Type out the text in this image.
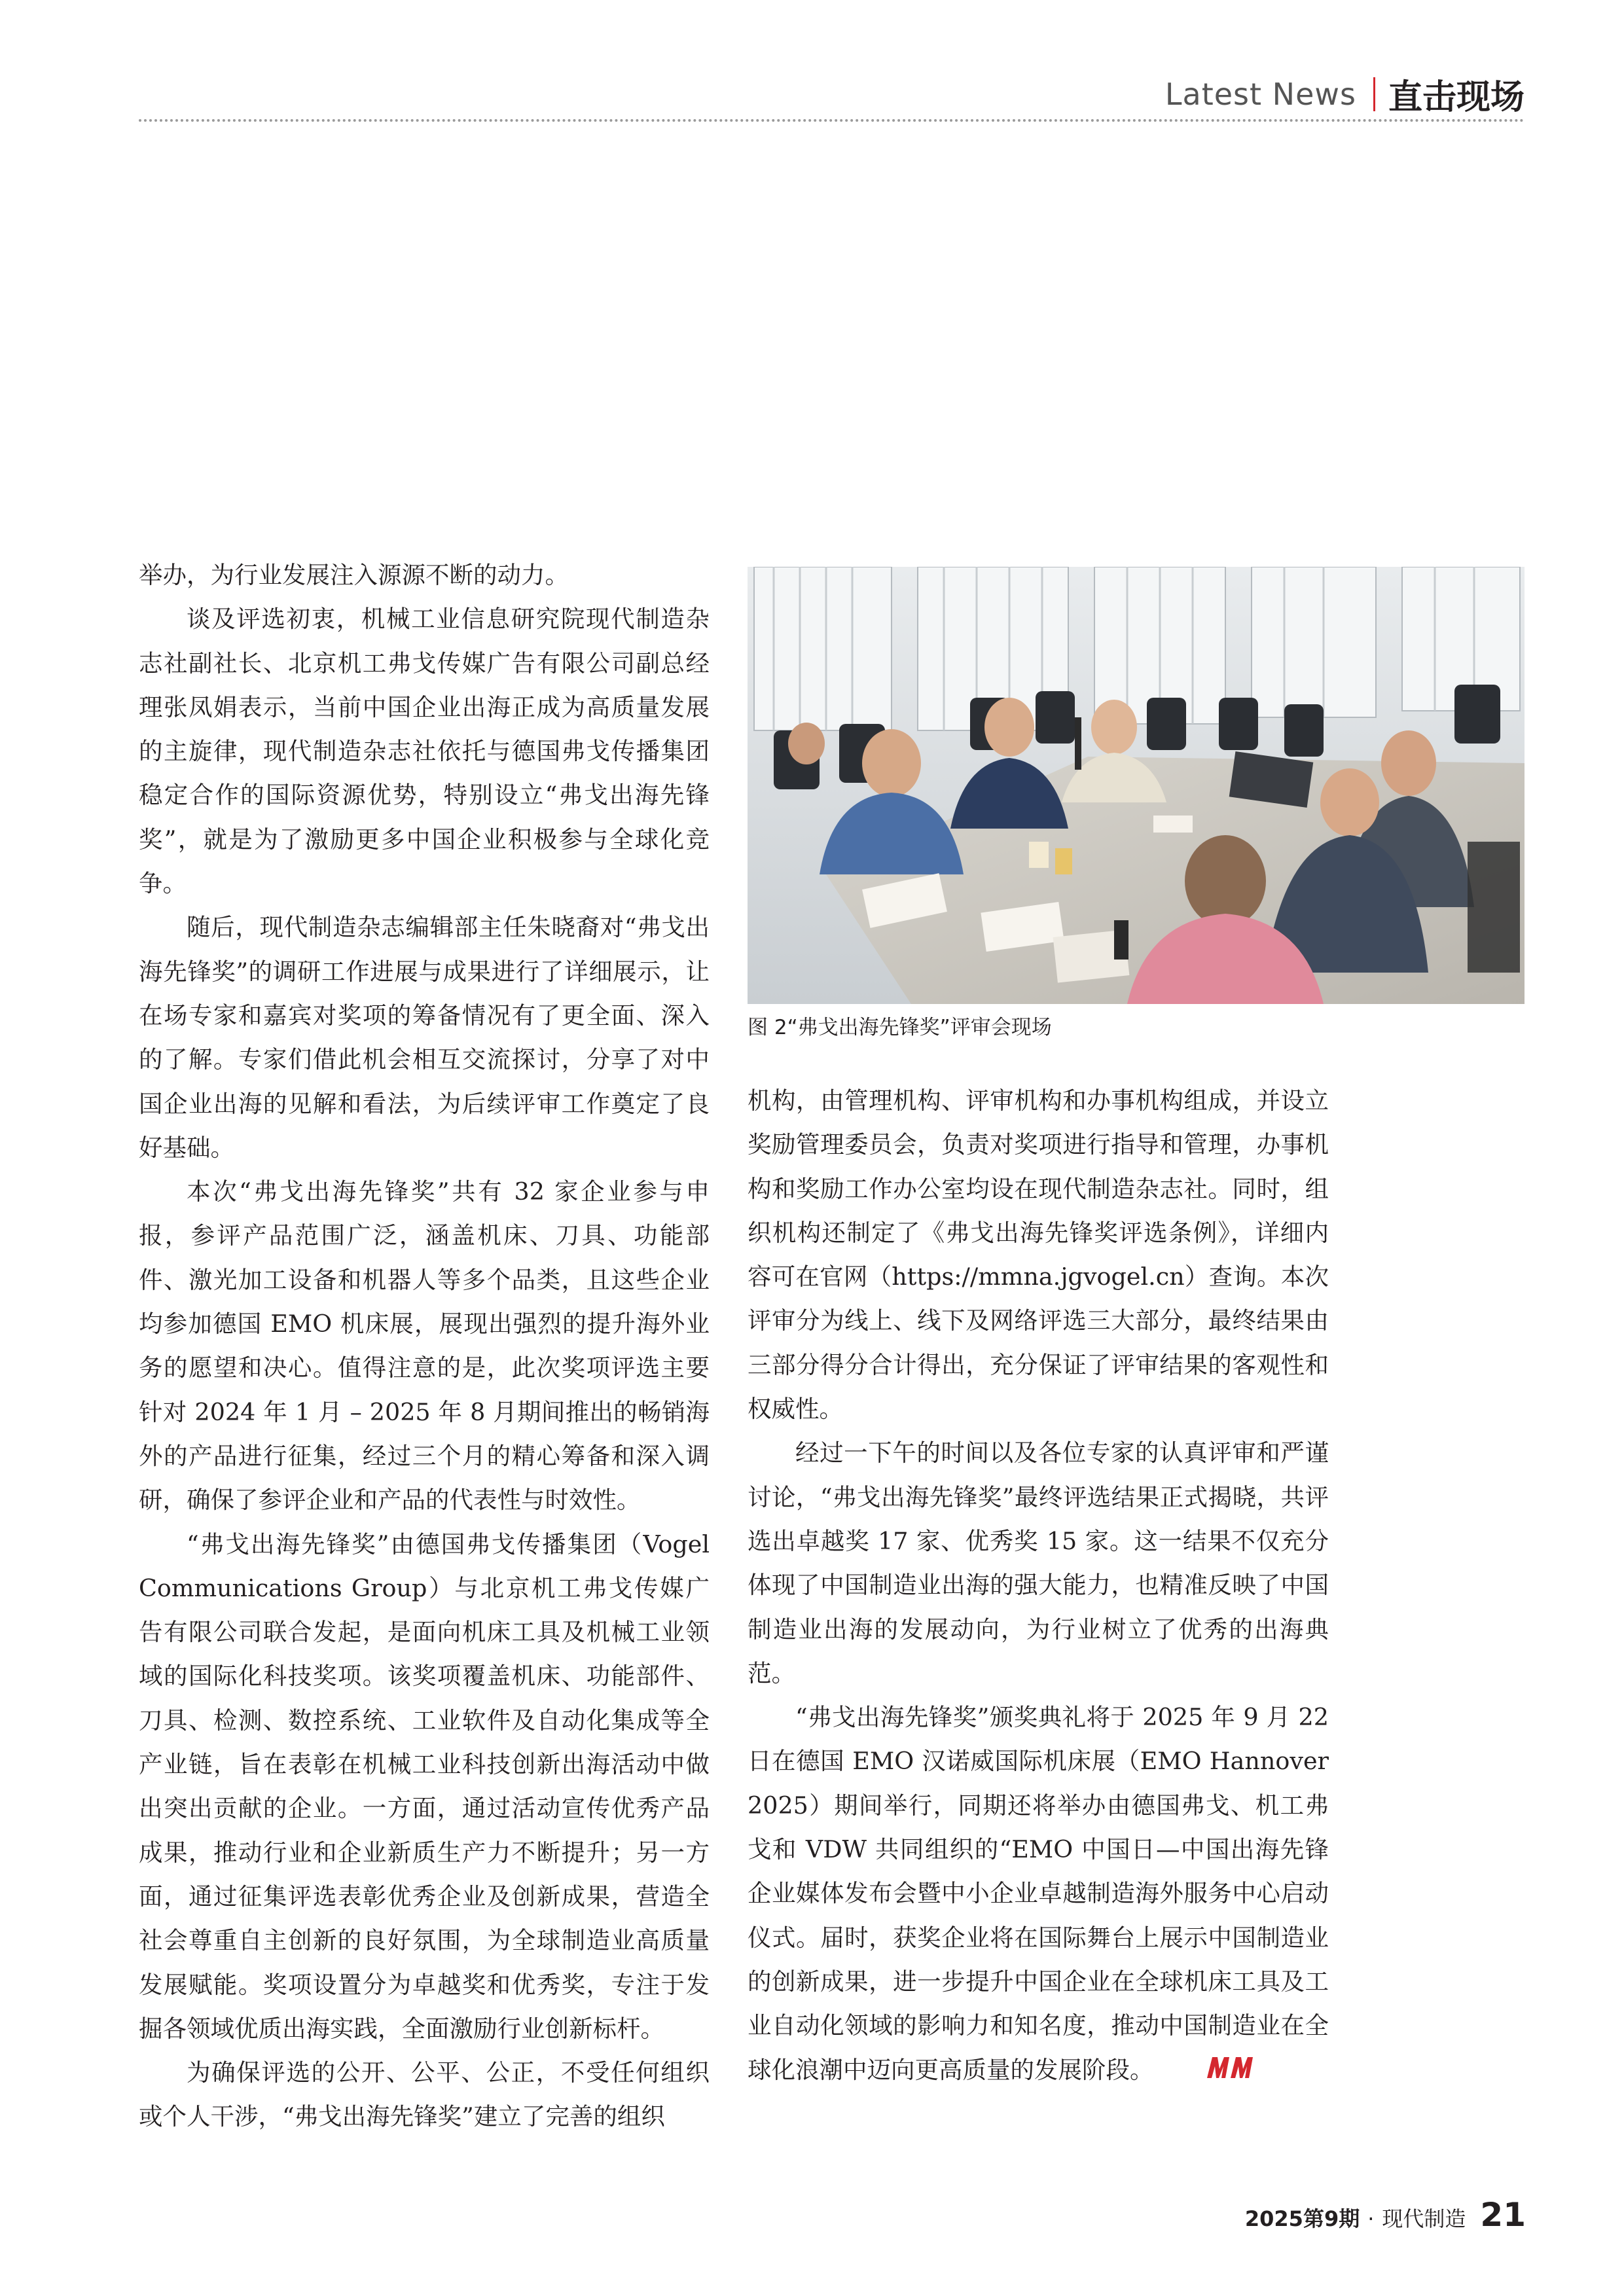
Latest News 直击现场

举办，为行业发展注入源源不断的动力。

谈及评选初衷，机械工业信息研究院现代制造杂志社副社长、北京机工弗戈传媒广告有限公司副总经理张凤娟表示，当前中国企业出海正成为高质量发展的主旋律，现代制造杂志社依托与德国弗戈传播集团稳定合作的国际资源优势，特别设立“弗戈出海先锋奖”，就是为了激励更多中国企业积极参与全球化竞争。

随后，现代制造杂志编辑部主任朱晓裔对“弗戈出海先锋奖”的调研工作进展与成果进行了详细展示，让在场专家和嘉宾对奖项的筹备情况有了更全面、深入的了解。专家们借此机会相互交流探讨，分享了对中国企业出海的见解和看法，为后续评审工作奠定了良好基础。

本次“弗戈出海先锋奖”共有 32 家企业参与申报，参评产品范围广泛，涵盖机床、刀具、功能部件、激光加工设备和机器人等多个品类，且这些企业均参加德国 EMO 机床展，展现出强烈的提升海外业务的愿望和决心。值得注意的是，此次奖项评选主要针对 2024 年 1 月 – 2025 年 8 月期间推出的畅销海外的产品进行征集，经过三个月的精心筹备和深入调研，确保了参评企业和产品的代表性与时效性。

“弗戈出海先锋奖”由德国弗戈传播集团（Vogel Communications Group）与北京机工弗戈传媒广告有限公司联合发起，是面向机床工具及机械工业领域的国际化科技奖项。该奖项覆盖机床、功能部件、刀具、检测、数控系统、工业软件及自动化集成等全产业链，旨在表彰在机械工业科技创新出海活动中做出突出贡献的企业。一方面，通过活动宣传优秀产品成果，推动行业和企业新质生产力不断提升；另一方面，通过征集评选表彰优秀企业及创新成果，营造全社会尊重自主创新的良好氛围，为全球制造业高质量发展赋能。奖项设置分为卓越奖和优秀奖，专注于发掘各领域优质出海实践，全面激励行业创新标杆。

为确保评选的公开、公平、公正，不受任何组织或个人干涉，“弗戈出海先锋奖”建立了完善的组织

图 2“弗戈出海先锋奖”评审会现场

机构，由管理机构、评审机构和办事机构组成，并设立奖励管理委员会，负责对奖项进行指导和管理，办事机构和奖励工作办公室均设在现代制造杂志社。同时，组织机构还制定了《弗戈出海先锋奖评选条例》，详细内容可在官网（https://mmna.jgvogel.cn）查询。本次评审分为线上、线下及网络评选三大部分，最终结果由三部分得分合计得出，充分保证了评审结果的客观性和权威性。

经过一下午的时间以及各位专家的认真评审和严谨讨论，“弗戈出海先锋奖”最终评选结果正式揭晓，共评选出卓越奖 17 家、优秀奖 15 家。这一结果不仅充分体现了中国制造业出海的强大能力，也精准反映了中国制造业出海的发展动向，为行业树立了优秀的出海典范。

“弗戈出海先锋奖”颁奖典礼将于 2025 年 9 月 22 日在德国 EMO 汉诺威国际机床展（EMO Hannover 2025）期间举行，同期还将举办由德国弗戈、机工弗戈和 VDW 共同组织的“EMO 中国日—中国出海先锋企业媒体发布会暨中小企业卓越制造海外服务中心启动仪式。届时，获奖企业将在国际舞台上展示中国制造业的创新成果，进一步提升中国企业在全球机床工具及工业自动化领域的影响力和知名度，推动中国制造业在全球化浪潮中迈向更高质量的发展阶段。

2025第9期 · 现代制造 21
